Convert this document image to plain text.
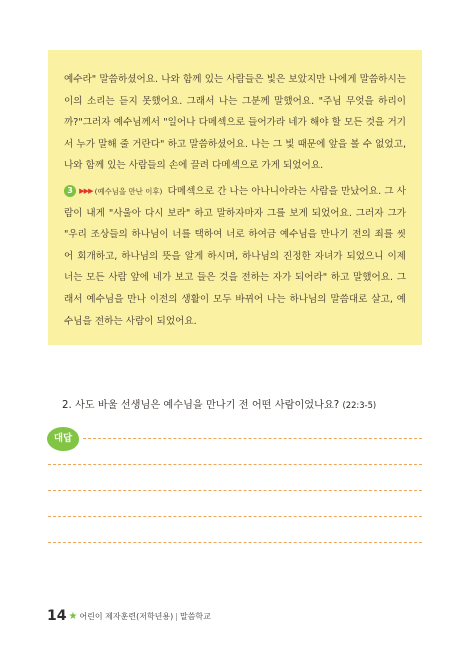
예수라" 말씀하셨어요. 나와 함께 있는 사람들은 빛은 보았지만 나에게 말씀하시는 이의 소리는 듣지 못했어요. 그래서 나는 그분께 말했어요. "주님 무엇을 하리이까?"그러자 예수님께서 "일어나 다메섹으로 들어가라 네가 해야 할 모든 것을 거기서 누가 말해 줄 거란다" 하고 말씀하셨어요. 나는 그 빛 때문에 앞을 볼 수 없었고, 나와 함께 있는 사람들의 손에 끌려 다메섹으로 가게 되었어요.

3 ▶▶▶ (예수님을 만난 이후) 다메섹으로 간 나는 아나니아라는 사람을 만났어요. 그 사람이 내게 "사울아 다시 보라" 하고 말하자마자 그를 보게 되었어요. 그러자 그가 "우리 조상들의 하나님이 너를 택하여 너로 하여금 예수님을 만나기 전의 죄를 씻어 회개하고, 하나님의 뜻을 알게 하시며, 하나님의 진정한 자녀가 되었으니 이제 너는 모든 사람 앞에 네가 보고 들은 것을 전하는 자가 되어라" 하고 말했어요. 그래서 예수님을 만나 이전의 생활이 모두 바뀌어 나는 하나님의 말씀대로 살고, 예수님을 전하는 사람이 되었어요.

2. 사도 바울 선생님은 예수님을 만나기 전 어떤 사람이었나요? (22:3-5)
대답
14 ★ 어린이 제자훈련(저학년용) | 말씀학교
